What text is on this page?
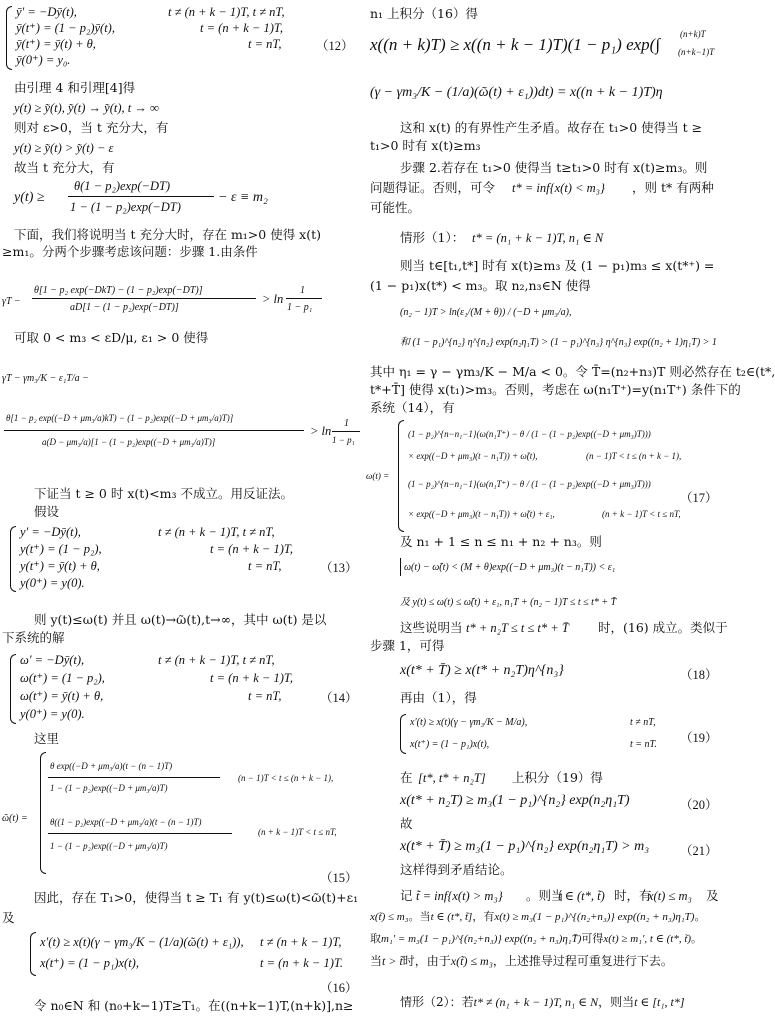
ȳ′ = −Dȳ(t),	t ≠ (n + k − 1)T, t ≠ nT,
ȳ(t⁺) = (1 − p₂)ȳ(t),	t = (n + k − 1)T,
ȳ(t⁺) = ȳ(t) + θ,	t = nT,
ȳ(0⁺) = y₀.
（12）
由引理 4 和引理[4]得
y(t) ≥ y͂(t), y͂(t) → y͂(t), t → ∞
则对 ε>0，当 t 充分大，有
y(t) ≥ y͂(t) > y͂(t) − ε
故当 t 充分大，有
y(t) ≥
θ(1 − p₂)exp(−DT)
1 − (1 − p₂)exp(−DT)
− ε ≡ m₂
下面，我们将说明当 t 充分大时，存在 m₁>0 使得 x(t)
≥m₁。分两个步骤考虑该问题：步骤 1.由条件
γT −
θ[1 − p₂ exp(−DkT) − (1 − p₂)exp(−DT)]
aD[1 − (1 − p₂)exp(−DT)]
> ln
1
1 − p₁
可取 0 < m₃ < εD/μ, ε₁ > 0 使得
γT − γm₃/K − ε₁T/a −
θ[1 − p₂ exp((−D + μm₃/a)kT) − (1 − p₂)exp((−D + μm₃/a)T)]
a(D − μm₃/a)[1 − (1 − p₂)exp((−D + μm₃/a)T)]
> ln
1
1 − p₁
下证当 t ≥ 0 时 x(t)<m₃ 不成立。用反证法。
假设
y′ = −Dȳ(t),	t ≠ (n + k − 1)T, t ≠ nT,
y(t⁺) = (1 − p₂),	t = (n + k − 1)T,
y(t⁺) = ȳ(t) + θ,	t = nT,
y(0⁺) = y(0).
（13）
则 y(t)≤ω(t) 并且 ω(t)→ῶ(t),t→∞，其中 ω(t) 是以
下系统的解
ω′ = −Dȳ(t),	t ≠ (n + k − 1)T, t ≠ nT,
ω(t⁺) = (1 − p₂),	t = (n + k − 1)T,
ω(t⁺) = ȳ(t) + θ,	t = nT,
y(0⁺) = y(0).
（14）
这里
ῶ(t) =
θ exp((−D + μm₃/a)(t − (n − 1)T)
1 − (1 − p₂)exp((−D + μm₃/a)T)
(n − 1)T < t ≤ (n + k − 1),
θ((1 − p₂)exp((−D + μm₃/a)(t − (n − 1)T)
1 − (1 − p₂)exp((−D + μm₃/a)T)
(n + k − 1)T < t ≤ nT,
（15）
因此，存在 T₁>0，使得当 t ≥ T₁ 有 y(t)≤ω(t)<ῶ(t)+ε₁
及
x′(t) ≥ x(t)(γ − γm₃/K − (1/a)(ῶ(t) + ε₁)), t ≠ (n + k − 1)T,
x(t⁺) = (1 − p₁)x(t),	t = (n + k − 1)T.
（16）
令 n₀∈N 和 (n₀+k−1)T≥T₁。在((n+k−1)T,(n+k)],n≥
n₁ 上积分（16）得
x((n + k)T) ≥ x((n + k − 1)T)(1 − p₁) exp(∫
(n+k)T
(n+k−1)T
(γ − γm₃/K − (1/a)(ῶ(t) + ε₁))dt) = x((n + k − 1)T)η
这和 x(t) 的有界性产生矛盾。故存在 t₁>0 使得当 t ≥
t₁>0 时有 x(t)≥m₃
步骤 2.若存在 t₁>0 使得当 t≥t₁>0 时有 x(t)≥m₃。则
问题得证。否则，可令 t* = inf{x(t) < m₃} ，则 t* 有两种
可能性。
情形（1）： t* = (n₁ + k − 1)T, n₁ ∈ N
则当 t∈[t₁,t*] 时有 x(t)≥m₃ 及 (1 − p₁)m₃ ≤ x(t*⁺) =
(1 − p₁)x(t*) < m₃。取 n₂,n₃∈N 使得
(n₂ − 1)T > ln(ε₁/(M + θ)) / (−D + μm₃/a),
和 (1 − p₁)^{n₂} η^{n₂} exp(n₂η₁T) > (1 − p₁)^{n₃} η^{n₃} exp((n₂ + 1)η₁T) > 1
其中 η₁ = γ − γm₃/K − M/a < 0。令 T̄=(n₂+n₃)T 则必然存在 t₂∈(t*,
t*+T̄] 使得 x(t₁)>m₃。否则，考虑在 ω(n₁T⁺)=y(n₁T⁺) 条件下的
系统（14），有
ω(t) =
(1 − p₂)^{n−n₁−1}(ω(n₁T⁺) − θ / (1 − (1 − p₂)exp((−D + μm₃)T)))
× exp((−D + μm₃)(t − n₁T)) + ω̃(t),	(n − 1)T < t ≤ (n + k − 1),
(1 − p₂)^{n−n₁−1}(ω(n₁T⁺) − θ / (1 − (1 − p₂)exp((−D + μm₃)T)))
× exp((−D + μm₃)(t − n₁T)) + ω̃(t) + ε₁,	(n + k − 1)T < t ≤ nT,
（17）
及 n₁ + 1 ≤ n ≤ n₁ + n₂ + n₃。则
ω(t) − ω̃(t) < (M + θ)exp((−D + μm₃)(t − n₁T)) < ε₁
及 y(t) ≤ ω(t) ≤ ω̃(t) + ε₁, n₁T + (n₂ − 1)T ≤ t ≤ t* + T̄
这些说明当 t* + n₂T ≤ t ≤ t* + T̄ 时，(16) 成立。类似于
步骤 1，可得
x(t* + T̄) ≥ x(t* + n₂T)η^{n₃}	（18）
再由（1），得
x′(t) ≥ x(t)(γ − γm₃/K − M/a),	t ≠ nT,
x(t⁺) = (1 − p₁)x(t),	t = nT. （19）
在 [t*, t* + n₂T] 上积分（19）得
x(t* + n₂T) ≥ m₃(1 − p₁)^{n₂} exp(n₂η₁T)	（20）
故
x(t* + T̄) ≥ m₃(1 − p₁)^{n₂} exp(n₂η₁T) > m₃ （21）
这样得到矛盾结论。
记 t̃ = inf{x(t) > m₃} 。则当
t ∈ (t*, t̃) 时，有
x(t) ≤ m₃ 及
x(t̃) ≤ m₃。当t ∈ (t*, t̃]，有x(t) ≥ m₃(1 − p₁)^{(n₂+n₃)} exp((n₂ + n₃)η₁T)。
取m₁′ = m₃(1 − p₁)^{(n₂+n₃)} exp((n₂ + n₃)η₁T̄)可得x(t) ≥ m₁′, t ∈ (t*, t̃)。
当t > t̃时，由于x(t̃) ≤ m₃，上述推导过程可重复进行下去。
情形（2）：若t* ≠ (n₁ + k − 1)T, n₁ ∈ N，则当t ∈ [t₁, t*]
